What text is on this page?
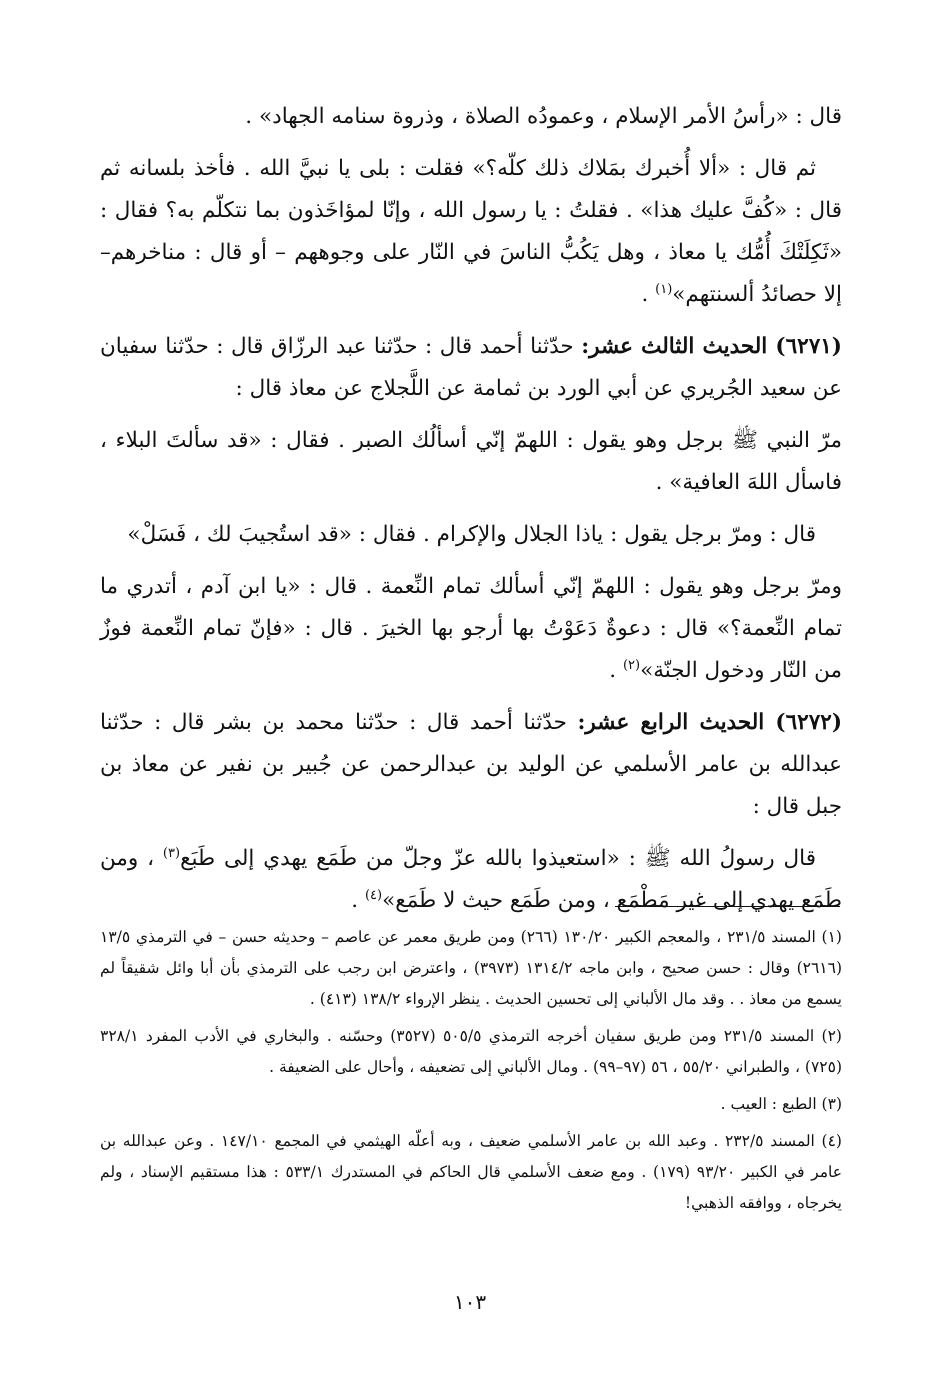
قال : «رأسُ الأمر الإسلام ، وعمودُه الصلاة ، وذروة سنامه الجهاد» .

ثم قال : «ألا أُخبرك بمَلاك ذلك كلّه؟» فقلت : بلى يا نبيَّ الله . فأخذ بلسانه ثم قال : «كُفَّ عليك هذا» . فقلتُ : يا رسول الله ، وإنّا لمؤاخَذون بما نتكلّم به؟ فقال : «ثَكِلَتْكَ أُمُّك يا معاذ ، وهل يَكُبُّ الناسَ في النّار على وجوههم – أو قال : مناخرهم– إلا حصائدُ ألسنتهم»$^{(١)}$ .

(٦٢٧١) الحديث الثالث عشر: حدّثنا أحمد قال : حدّثنا عبد الرزّاق قال : حدّثنا سفيان عن سعيد الجُريري عن أبي الورد بن ثمامة عن اللَّجلاج عن معاذ قال :

مرّ النبي ﷺ برجل وهو يقول : اللهمّ إنّي أسألُك الصبر . فقال : «قد سألتَ البلاء ، فاسأل اللهَ العافية» .

قال : ومرّ برجل يقول : ياذا الجلال والإكرام . فقال : «قد استُجيبَ لك ، فَسَلْ»

ومرّ برجل وهو يقول : اللهمّ إنّي أسألك تمام النِّعمة . قال : «يا ابن آدم ، أتدري ما تمام النِّعمة؟» قال : دعوةٌ دَعَوْتُ بها أرجو بها الخيرَ . قال : «فإنّ تمام النِّعمة فوزٌ من النّار ودخول الجنّة»$^{(٢)}$ .

(٦٢٧٢) الحديث الرابع عشر: حدّثنا أحمد قال : حدّثنا محمد بن بشر قال : حدّثنا عبدالله بن عامر الأسلمي عن الوليد بن عبدالرحمن عن جُبير بن نفير عن معاذ بن جبل قال :

قال رسولُ الله ﷺ : «استعيذوا بالله عزّ وجلّ من طَمَع يهدي إلى طَبَع$^{(٣)}$ ، ومن طَمَع يهدي إلى غير مَطْمَع ، ومن طَمَع حيث لا طَمَع»$^{(٤)}$ .

(١) المسند ٢٣١/٥ ، والمعجم الكبير ١٣٠/٢٠ (٢٦٦) ومن طريق معمر عن عاصم – وحديثه حسن – في الترمذي ١٣/٥ (٢٦١٦) وقال : حسن صحيح ، وابن ماجه ١٣١٤/٢ (٣٩٧٣) ، واعترض ابن رجب على الترمذي بأن أبا وائل شقيقاً لم يسمع من معاذ . . وقد مال الألباني إلى تحسين الحديث . ينظر الإرواء ١٣٨/٢ (٤١٣) .

(٢) المسند ٢٣١/٥ ومن طريق سفيان أخرجه الترمذي ٥٠٥/٥ (٣٥٢٧) وحسّنه . والبخاري في الأدب المفرد ٣٢٨/١ (٧٢٥) ، والطبراني ٥٥/٢٠ ، ٥٦ (٩٧–٩٩) . ومال الألباني إلى تضعيفه ، وأحال على الضعيفة .

(٣) الطبع : العيب .

(٤) المسند ٢٣٢/٥ . وعبد الله بن عامر الأسلمي ضعيف ، وبه أعلّه الهيثمي في المجمع ١٤٧/١٠ . وعن عبدالله بن عامر في الكبير ٩٣/٢٠ (١٧٩) . ومع ضعف الأسلمي قال الحاكم في المستدرك ٥٣٣/١ : هذا مستقيم الإسناد ، ولم يخرجاه ، ووافقه الذهبي!

١٠٣
